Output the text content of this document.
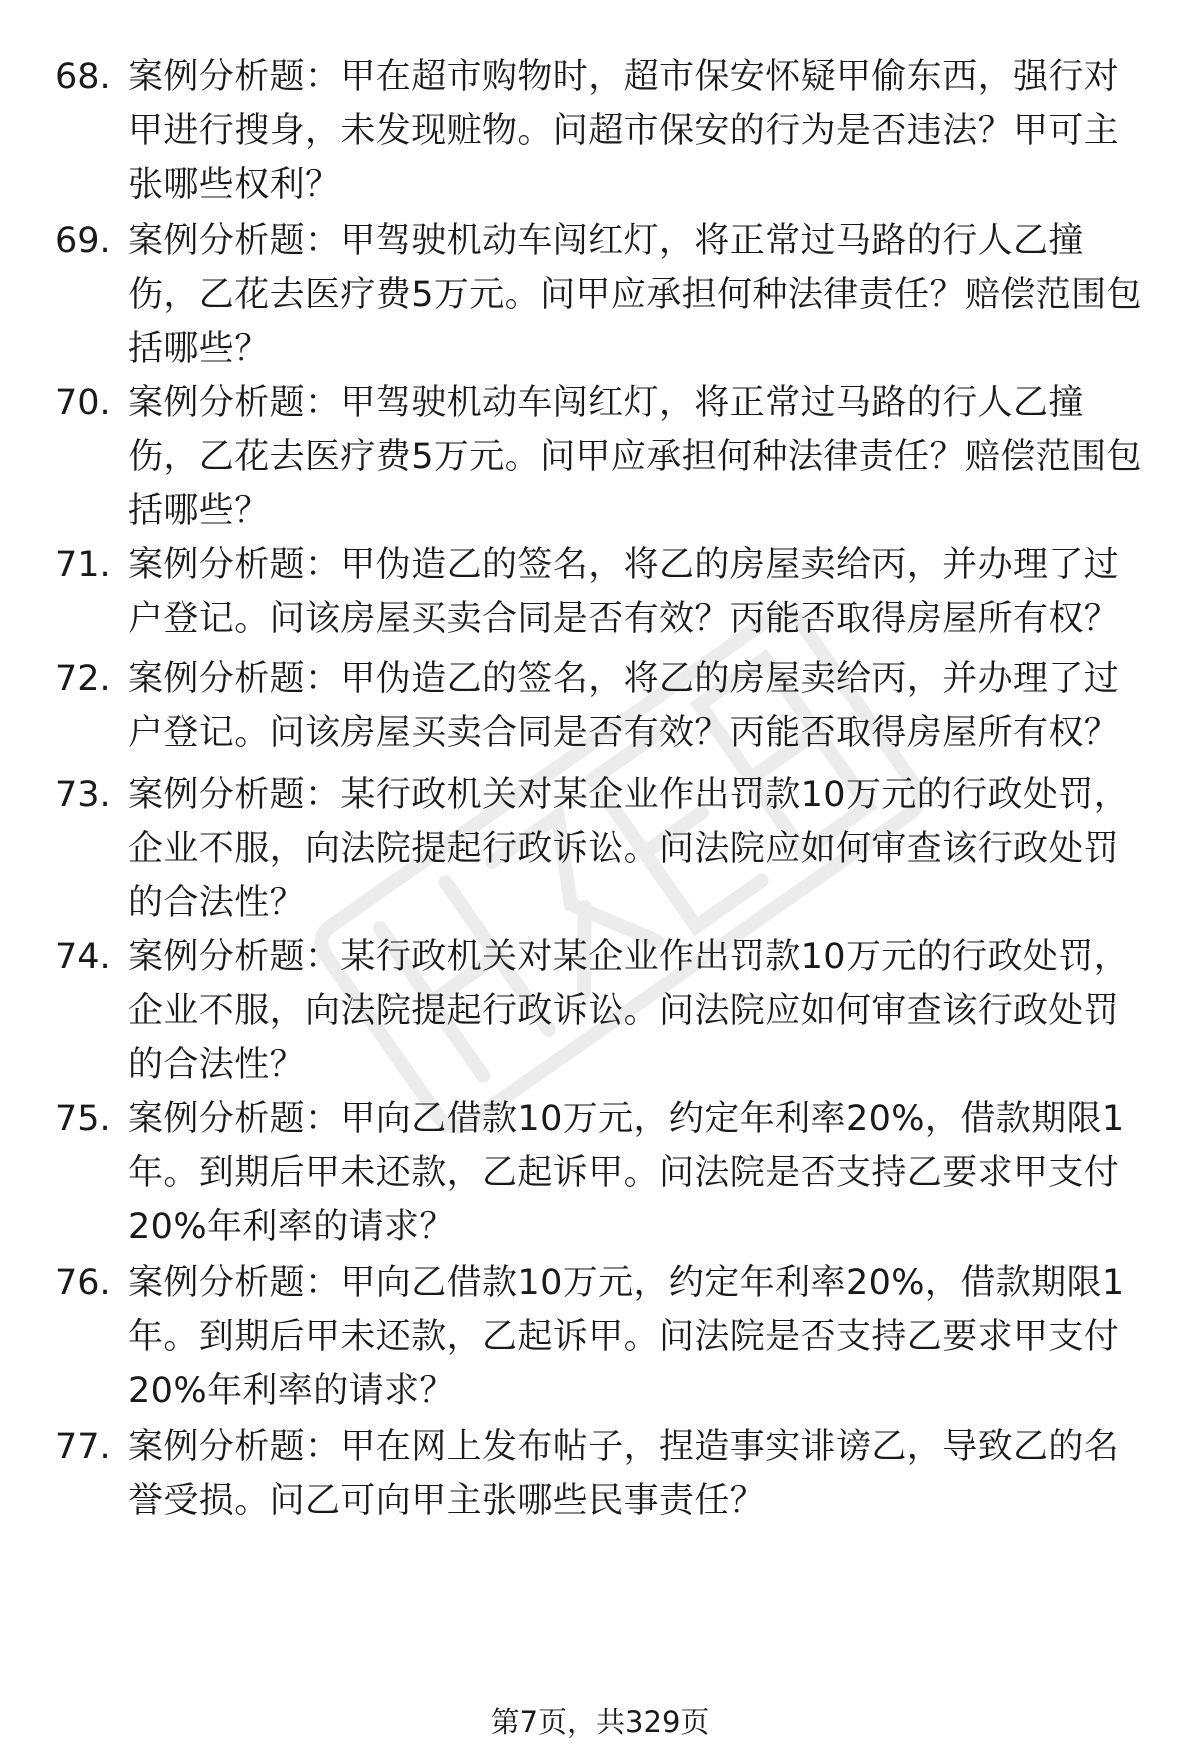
68. 案例分析题：甲在超市购物时，超市保安怀疑甲偷东西，强行对甲进行搜身，未发现赃物。问超市保安的行为是否违法？甲可主张哪些权利？
69. 案例分析题：甲驾驶机动车闯红灯，将正常过马路的行人乙撞伤，乙花去医疗费5万元。问甲应承担何种法律责任？赔偿范围包括哪些？
70. 案例分析题：甲驾驶机动车闯红灯，将正常过马路的行人乙撞伤，乙花去医疗费5万元。问甲应承担何种法律责任？赔偿范围包括哪些？
71. 案例分析题：甲伪造乙的签名，将乙的房屋卖给丙，并办理了过户登记。问该房屋买卖合同是否有效？丙能否取得房屋所有权？
72. 案例分析题：甲伪造乙的签名，将乙的房屋卖给丙，并办理了过户登记。问该房屋买卖合同是否有效？丙能否取得房屋所有权？
73. 案例分析题：某行政机关对某企业作出罚款10万元的行政处罚，企业不服，向法院提起行政诉讼。问法院应如何审查该行政处罚的合法性？
74. 案例分析题：某行政机关对某企业作出罚款10万元的行政处罚，企业不服，向法院提起行政诉讼。问法院应如何审查该行政处罚的合法性？
75. 案例分析题：甲向乙借款10万元，约定年利率20%，借款期限1年。到期后甲未还款，乙起诉甲。问法院是否支持乙要求甲支付20%年利率的请求？
76. 案例分析题：甲向乙借款10万元，约定年利率20%，借款期限1年。到期后甲未还款，乙起诉甲。问法院是否支持乙要求甲支付20%年利率的请求？
77. 案例分析题：甲在网上发布帖子，捏造事实诽谤乙，导致乙的名誉受损。问乙可向甲主张哪些民事责任？
第7页，共329页
